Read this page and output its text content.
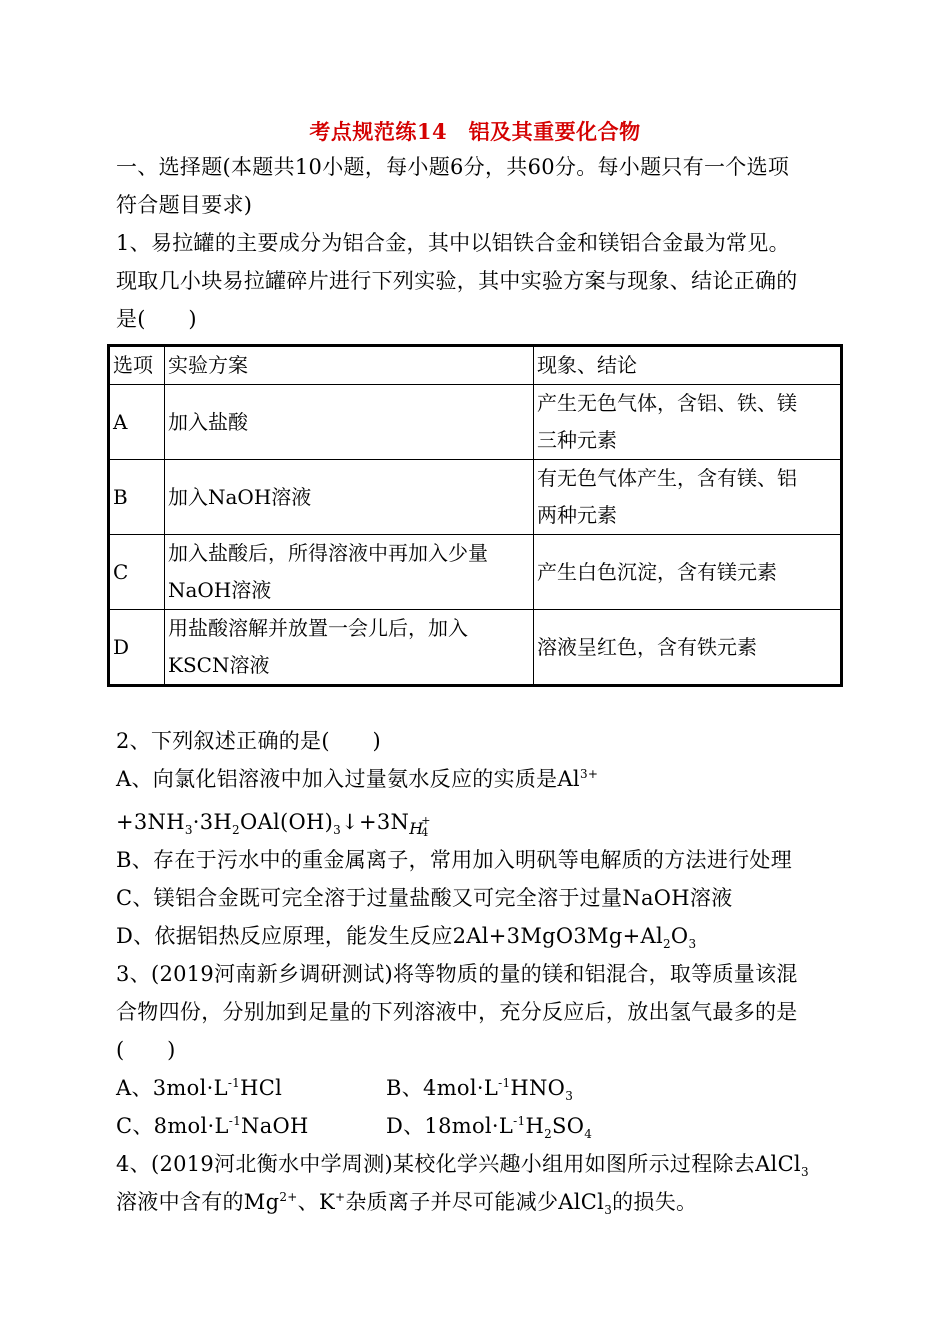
考点规范练14　铝及其重要化合物
一、选择题(本题共10小题，每小题6分，共60分。每小题只有一个选项
符合题目要求)
1、易拉罐的主要成分为铝合金，其中以铝铁合金和镁铝合金最为常见。
现取几小块易拉罐碎片进行下列实验，其中实验方案与现象、结论正确的
是(　　)
选项	实验方案	现象、结论
A	加入盐酸	产生无色气体，含铝、铁、镁
三种元素

B	加入NaOH溶液	有无色气体产生，含有镁、铝
两种元素

C	加入盐酸后，所得溶液中再加入少量
NaOH溶液	产生白色沉淀，含有镁元素

D	用盐酸溶解并放置一会儿后，加入
KSCN溶液	溶液呈红色，含有铁元素
2、下列叙述正确的是(　　)
A、向氯化铝溶液中加入过量氨水反应的实质是$Al^{3+}$
$+3NH_3\cdot 3H_2OAl(OH)_3↓+3NH$
+
4
B、存在于污水中的重金属离子，常用加入明矾等电解质的方法进行处理
C、镁铝合金既可完全溶于过量盐酸又可完全溶于过量NaOH溶液
D、依据铝热反应原理，能发生反应$2Al+3MgO3Mg+Al_2O_3$
3、(2019河南新乡调研测试)将等物质的量的镁和铝混合，取等质量该混
合物四份，分别加到足量的下列溶液中，充分反应后，放出氢气最多的是
(　　)
A、$3mol\cdot L^{-1}HCl$	B、$4mol\cdot L^{-1}HNO_3$
C、$8mol\cdot L^{-1}NaOH$	D、$18mol\cdot L^{-1}H_2SO_4$
4、(2019河北衡水中学周测)某校化学兴趣小组用如图所示过程除去AlCl$_3$
溶液中含有的$Mg^{2+}$、K+杂质离子并尽可能减少AlCl$_3$的损失。
